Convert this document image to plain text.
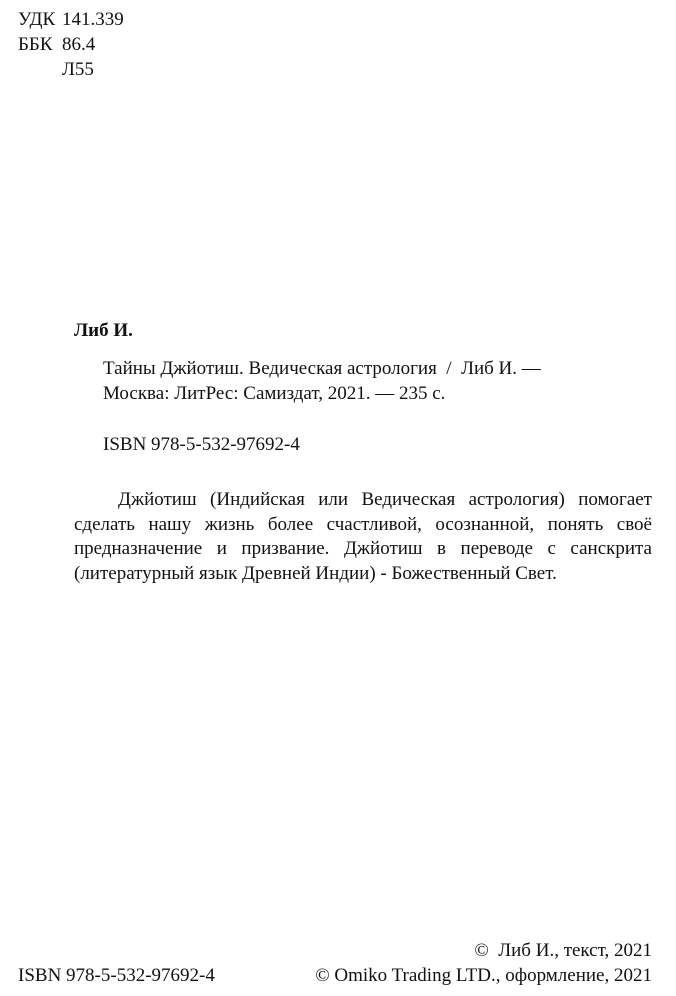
УДК 141.339
ББК 86.4
Л55
Либ И.
Тайны Джйотиш. Ведическая астрология  /  Либ И. —
Москва: ЛитРес: Самиздат, 2021. — 235 с.
ISBN 978-5-532-97692-4

Джйотиш (Индийская или Ведическая астрология) помогает сделать нашу жизнь более счастливой, осознанной, понять своё предназначение и призвание. Джйотиш в переводе с санскрита (литературный язык Древней Индии) - Божественный Свет.

ISBN 978-5-532-97692-4
©  Либ И., текст, 2021
© Omiko Trading LTD., оформление, 2021
